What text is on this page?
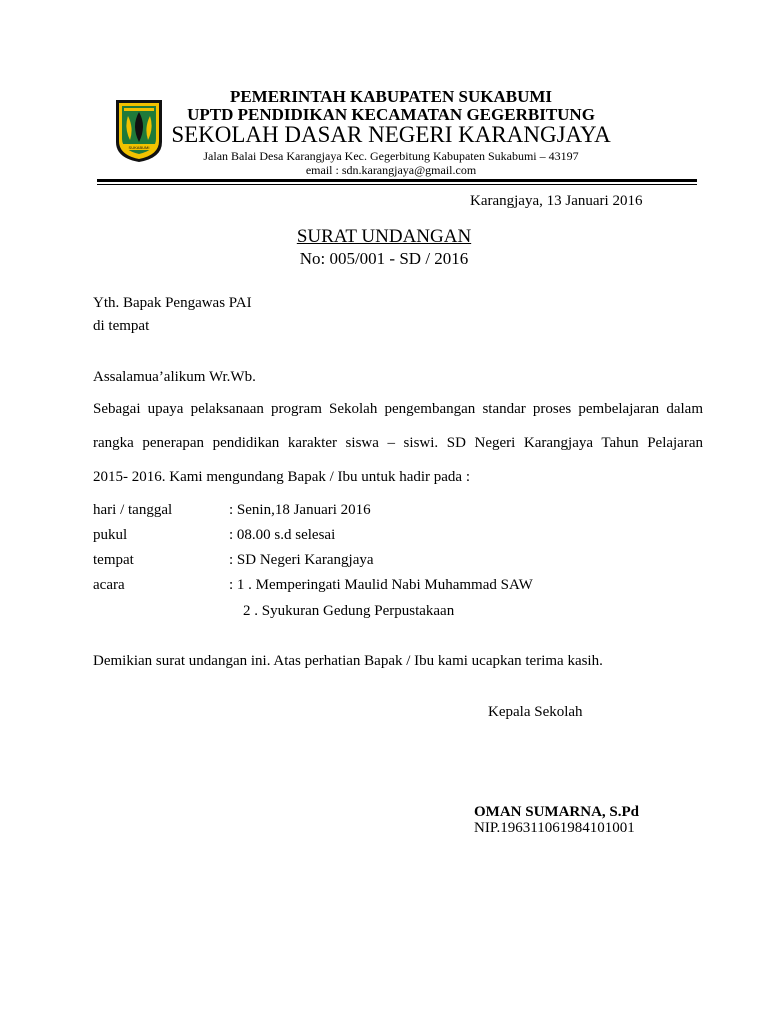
SUKABUMI
PEMERINTAH KABUPATEN SUKABUMI
UPTD PENDIDIKAN KECAMATAN GEGERBITUNG
SEKOLAH DASAR NEGERI KARANGJAYA
Jalan Balai Desa Karangjaya Kec. Gegerbitung Kabupaten Sukabumi – 43197
email : sdn.karangjaya@gmail.com
Karangjaya, 13 Januari 2016
SURAT UNDANGAN
No: 005/001 - SD / 2016
Yth. Bapak Pengawas PAI
di tempat
Assalamua’alikum Wr.Wb.
Sebagai upaya pelaksanaan program Sekolah pengembangan standar proses pembelajaran dalam
rangka penerapan pendidikan karakter siswa – siswi. SD Negeri Karangjaya Tahun Pelajaran
2015- 2016. Kami mengundang Bapak / Ibu untuk hadir pada :
hari / tanggal	: Senin,18 Januari 2016
pukul	: 08.00 s.d selesai
tempat	: SD Negeri Karangjaya
acara	: 1 . Memperingati Maulid Nabi Muhammad SAW
2 . Syukuran Gedung Perpustakaan
Demikian surat undangan ini. Atas perhatian Bapak / Ibu kami ucapkan terima kasih.
Kepala Sekolah
OMAN SUMARNA, S.Pd
NIP.196311061984101001
